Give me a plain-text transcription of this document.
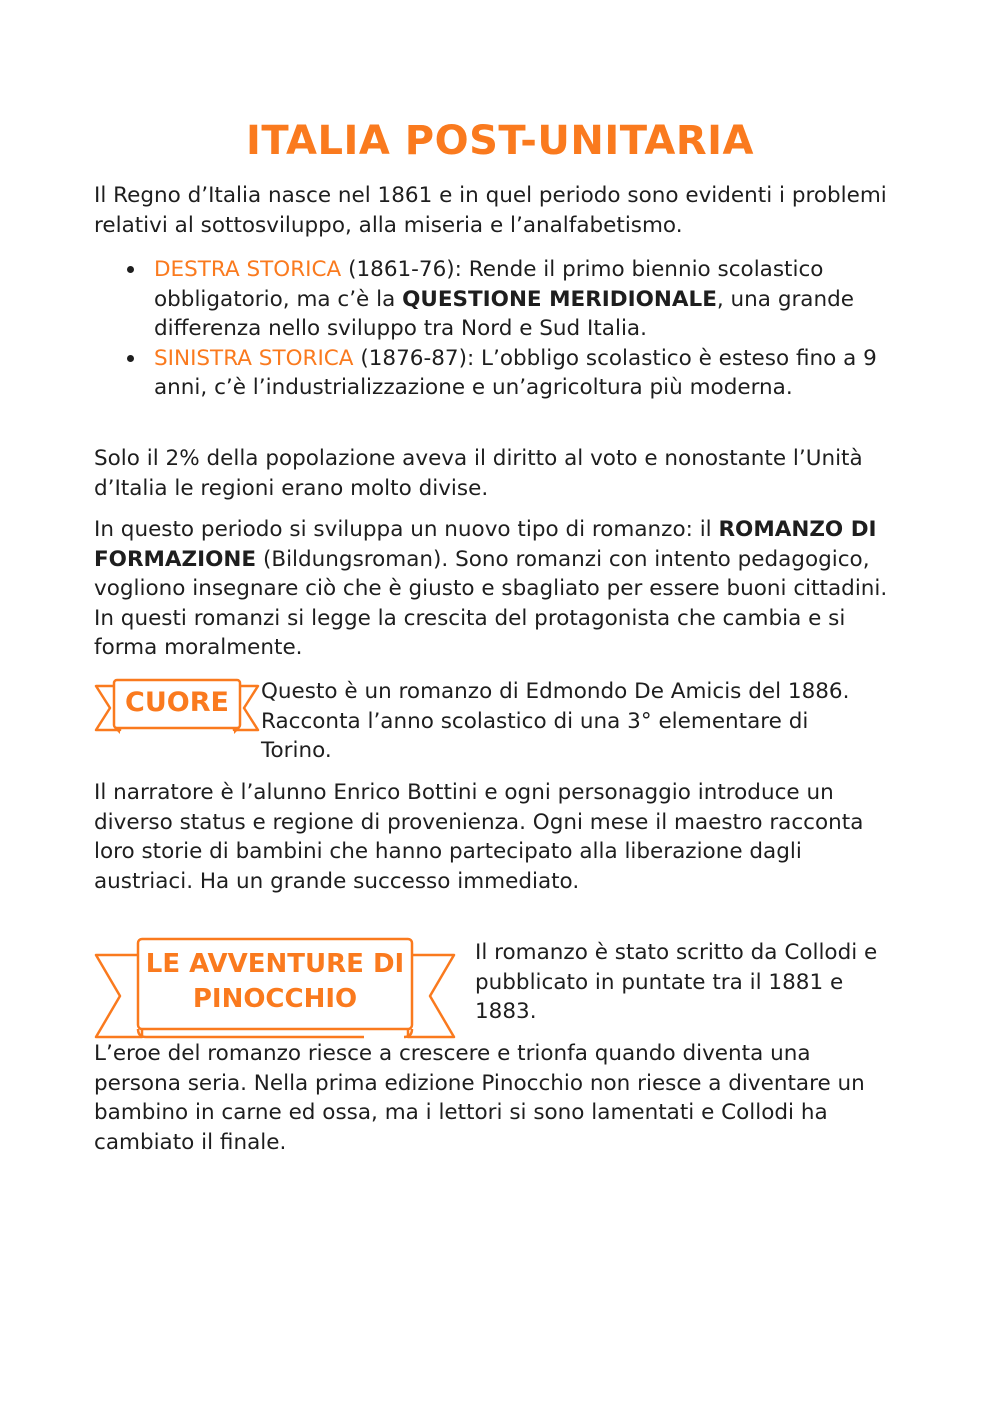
ITALIA POST-UNITARIA

Il Regno d’Italia nasce nel 1861 e in quel periodo sono evidenti i problemi relativi al sottosviluppo, alla miseria e l’analfabetismo.

DESTRA STORICA (1861-76): Rende il primo biennio scolastico obbligatorio, ma c’è la QUESTIONE MERIDIONALE, una grande differenza nello sviluppo tra Nord e Sud Italia.
SINISTRA STORICA (1876-87): L’obbligo scolastico è esteso fino a 9 anni, c’è l’industrializzazione e un’agricoltura più moderna.

Solo il 2% della popolazione aveva il diritto al voto e nonostante l’Unità d’Italia le regioni erano molto divise.

In questo periodo si sviluppa un nuovo tipo di romanzo: il ROMANZO DI FORMAZIONE (Bildungsroman). Sono romanzi con intento pedagogico, vogliono insegnare ciò che è giusto e sbagliato per essere buoni cittadini. In questi romanzi si legge la crescita del protagonista che cambia e si forma moralmente.

CUORE	Questo è un romanzo di Edmondo De Amicis del 1886. Racconta l’anno scolastico di una 3° elementare di Torino.

Il narratore è l’alunno Enrico Bottini e ogni personaggio introduce un diverso status e regione di provenienza. Ogni mese il maestro racconta loro storie di bambini che hanno partecipato alla liberazione dagli austriaci. Ha un grande successo immediato.

LE AVVENTURE DI
PINOCCHIO

Il romanzo è stato scritto da Collodi e pubblicato in puntate tra il 1881 e 1883.

L’eroe del romanzo riesce a crescere e trionfa quando diventa una persona seria. Nella prima edizione Pinocchio non riesce a diventare un bambino in carne ed ossa, ma i lettori si sono lamentati e Collodi ha cambiato il finale.
